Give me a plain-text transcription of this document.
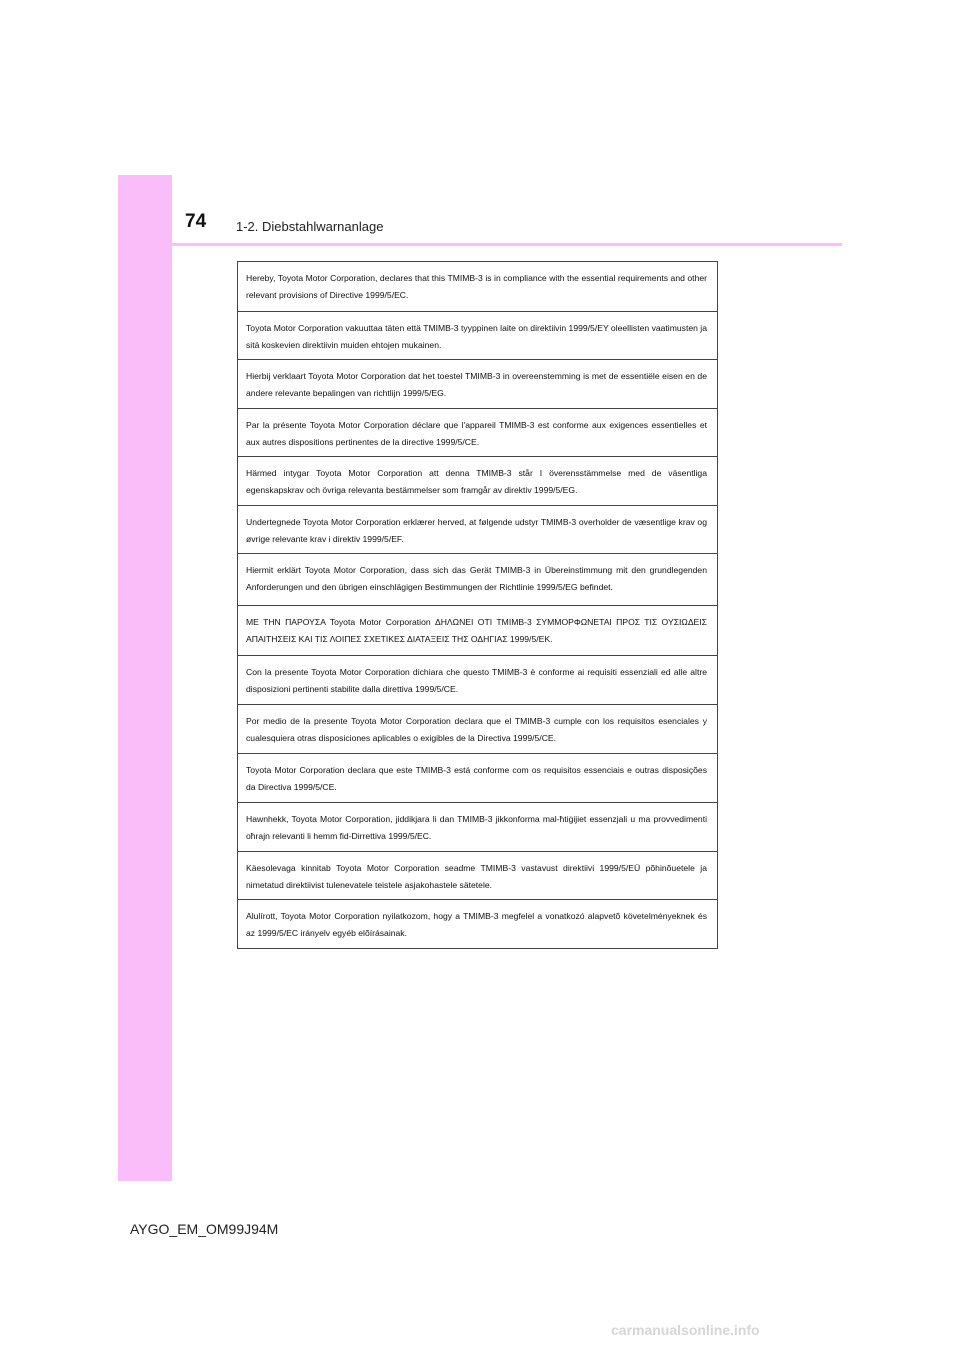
74 1-2. Diebstahlwarnanlage
Hereby, Toyota Motor Corporation, declares that this TMIMB-3 is in compliance with the essential requirements and other relevant provisions of Directive 1999/5/EC.
Toyota Motor Corporation vakuuttaa täten että TMIMB-3 tyyppinen laite on direktiivin 1999/5/EY oleellisten vaatimusten ja sitä koskevien direktiivin muiden ehtojen mukainen.
Hierbij verklaart Toyota Motor Corporation dat het toestel TMIMB-3 in overeenstemming is met de essentiële eisen en de andere relevante bepalingen van richtlijn 1999/5/EG.
Par la présente Toyota Motor Corporation déclare que l'appareil TMIMB-3 est conforme aux exigences essentielles et aux autres dispositions pertinentes de la directive 1999/5/CE.
Härmed intygar Toyota Motor Corporation att denna TMIMB-3 står I överensstämmelse med de väsentliga egenskapskrav och övriga relevanta bestämmelser som framgår av direktiv 1999/5/EG.
Undertegnede Toyota Motor Corporation erklærer herved, at følgende udstyr TMIMB-3 overholder de væsentlige krav og øvrige relevante krav i direktiv 1999/5/EF.
Hiermit erklärt Toyota Motor Corporation, dass sich das Gerät TMIMB-3 in Übereinstimmung mit den grundlegenden Anforderungen und den übrigen einschlägigen Bestimmungen der Richtlinie 1999/5/EG befindet.
ΜΕ ΤΗΝ ΠΑΡΟΥΣΑ Toyota Motor Corporation ΔΗΛΩΝΕΙ ΟΤΙ TMIMB-3 ΣΥΜΜΟΡΦΩΝΕΤΑΙ ΠΡΟΣ ΤΙΣ ΟΥΣΙΩΔΕΙΣ ΑΠΑΙΤΗΣΕΙΣ ΚΑΙ ΤΙΣ ΛΟΙΠΕΣ ΣΧΕΤΙΚΕΣ ΔΙΑΤΑΞΕΙΣ ΤΗΣ ΟΔΗΓΙΑΣ 1999/5/ΕΚ.
Con la presente Toyota Motor Corporation dichiara che questo TMIMB-3 è conforme ai requisiti essenziali ed alle altre disposizioni pertinenti stabilite dalla direttiva 1999/5/CE.
Por medio de la presente Toyota Motor Corporation declara que el TMIMB-3 cumple con los requisitos esenciales y cualesquiera otras disposiciones aplicables o exigibles de la Directiva 1999/5/CE.
Toyota Motor Corporation declara que este TMIMB-3 está conforme com os requisitos essenciais e outras disposições da Directiva 1999/5/CE.
Hawnhekk, Toyota Motor Corporation, jiddikjara li dan TMIMB-3 jikkonforma mal-ħtiġijiet essenzjali u ma provvedimenti oħrajn relevanti li hemm fid-Dirrettiva 1999/5/EC.
Käesolevaga kinnitab Toyota Motor Corporation seadme TMIMB-3 vastavust direktiivi 1999/5/EÜ põhinõuetele ja nimetatud direktiivist tulenevatele teistele asjakohastele sätetele.
Alulírott, Toyota Motor Corporation nyilatkozom, hogy a TMIMB-3 megfelel a vonatkozó alapvetõ követelményeknek és az 1999/5/EC irányelv egyéb elõírásainak.
AYGO_EM_OM99J94M
carmanualsonline.info
